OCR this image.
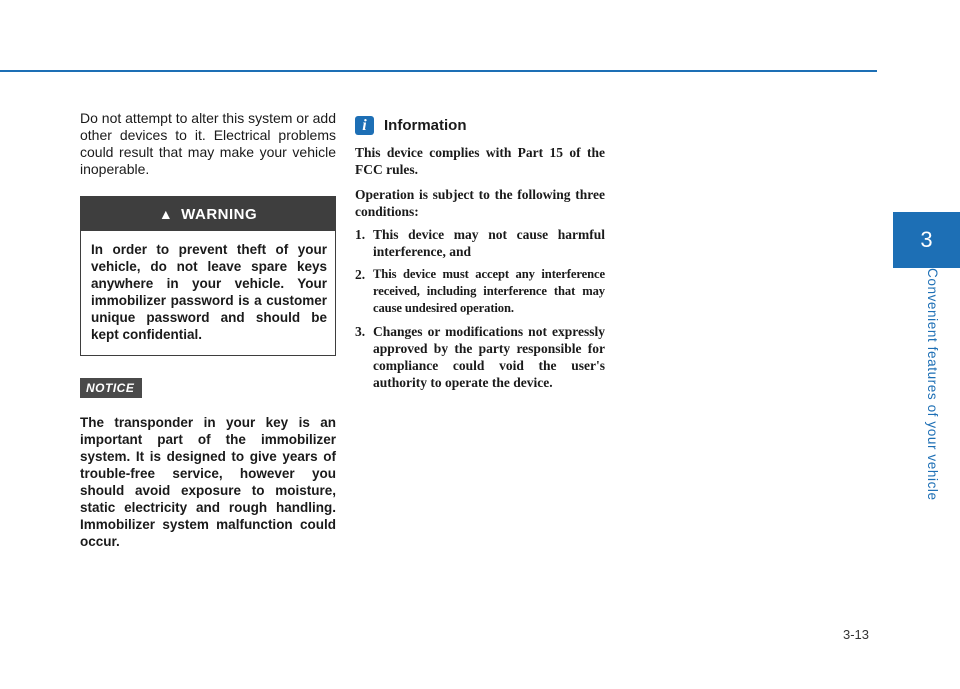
3
Convenient features of your vehicle

Do not attempt to alter this system or add other devices to it. Electrical problems could result that may make your vehicle inoperable.

▲ WARNING

In order to prevent theft of your vehicle, do not leave spare keys anywhere in your vehicle. Your immobilizer password is a customer unique password and should be kept confidential.

NOTICE

The transponder in your key is an important part of the immobilizer system. It is designed to give years of trouble-free service, however you should avoid exposure to moisture, static electricity and rough handling. Immobilizer system malfunction could occur.

i	Information

This device complies with Part 15 of the FCC rules.

Operation is subject to the following three conditions:

1. This device may not cause harmful interference, and
2. This device must accept any interference received, including interference that may cause undesired operation.
3. Changes or modifications not expressly approved by the party responsible for compliance could void the user's authority to operate the device.
3-13
